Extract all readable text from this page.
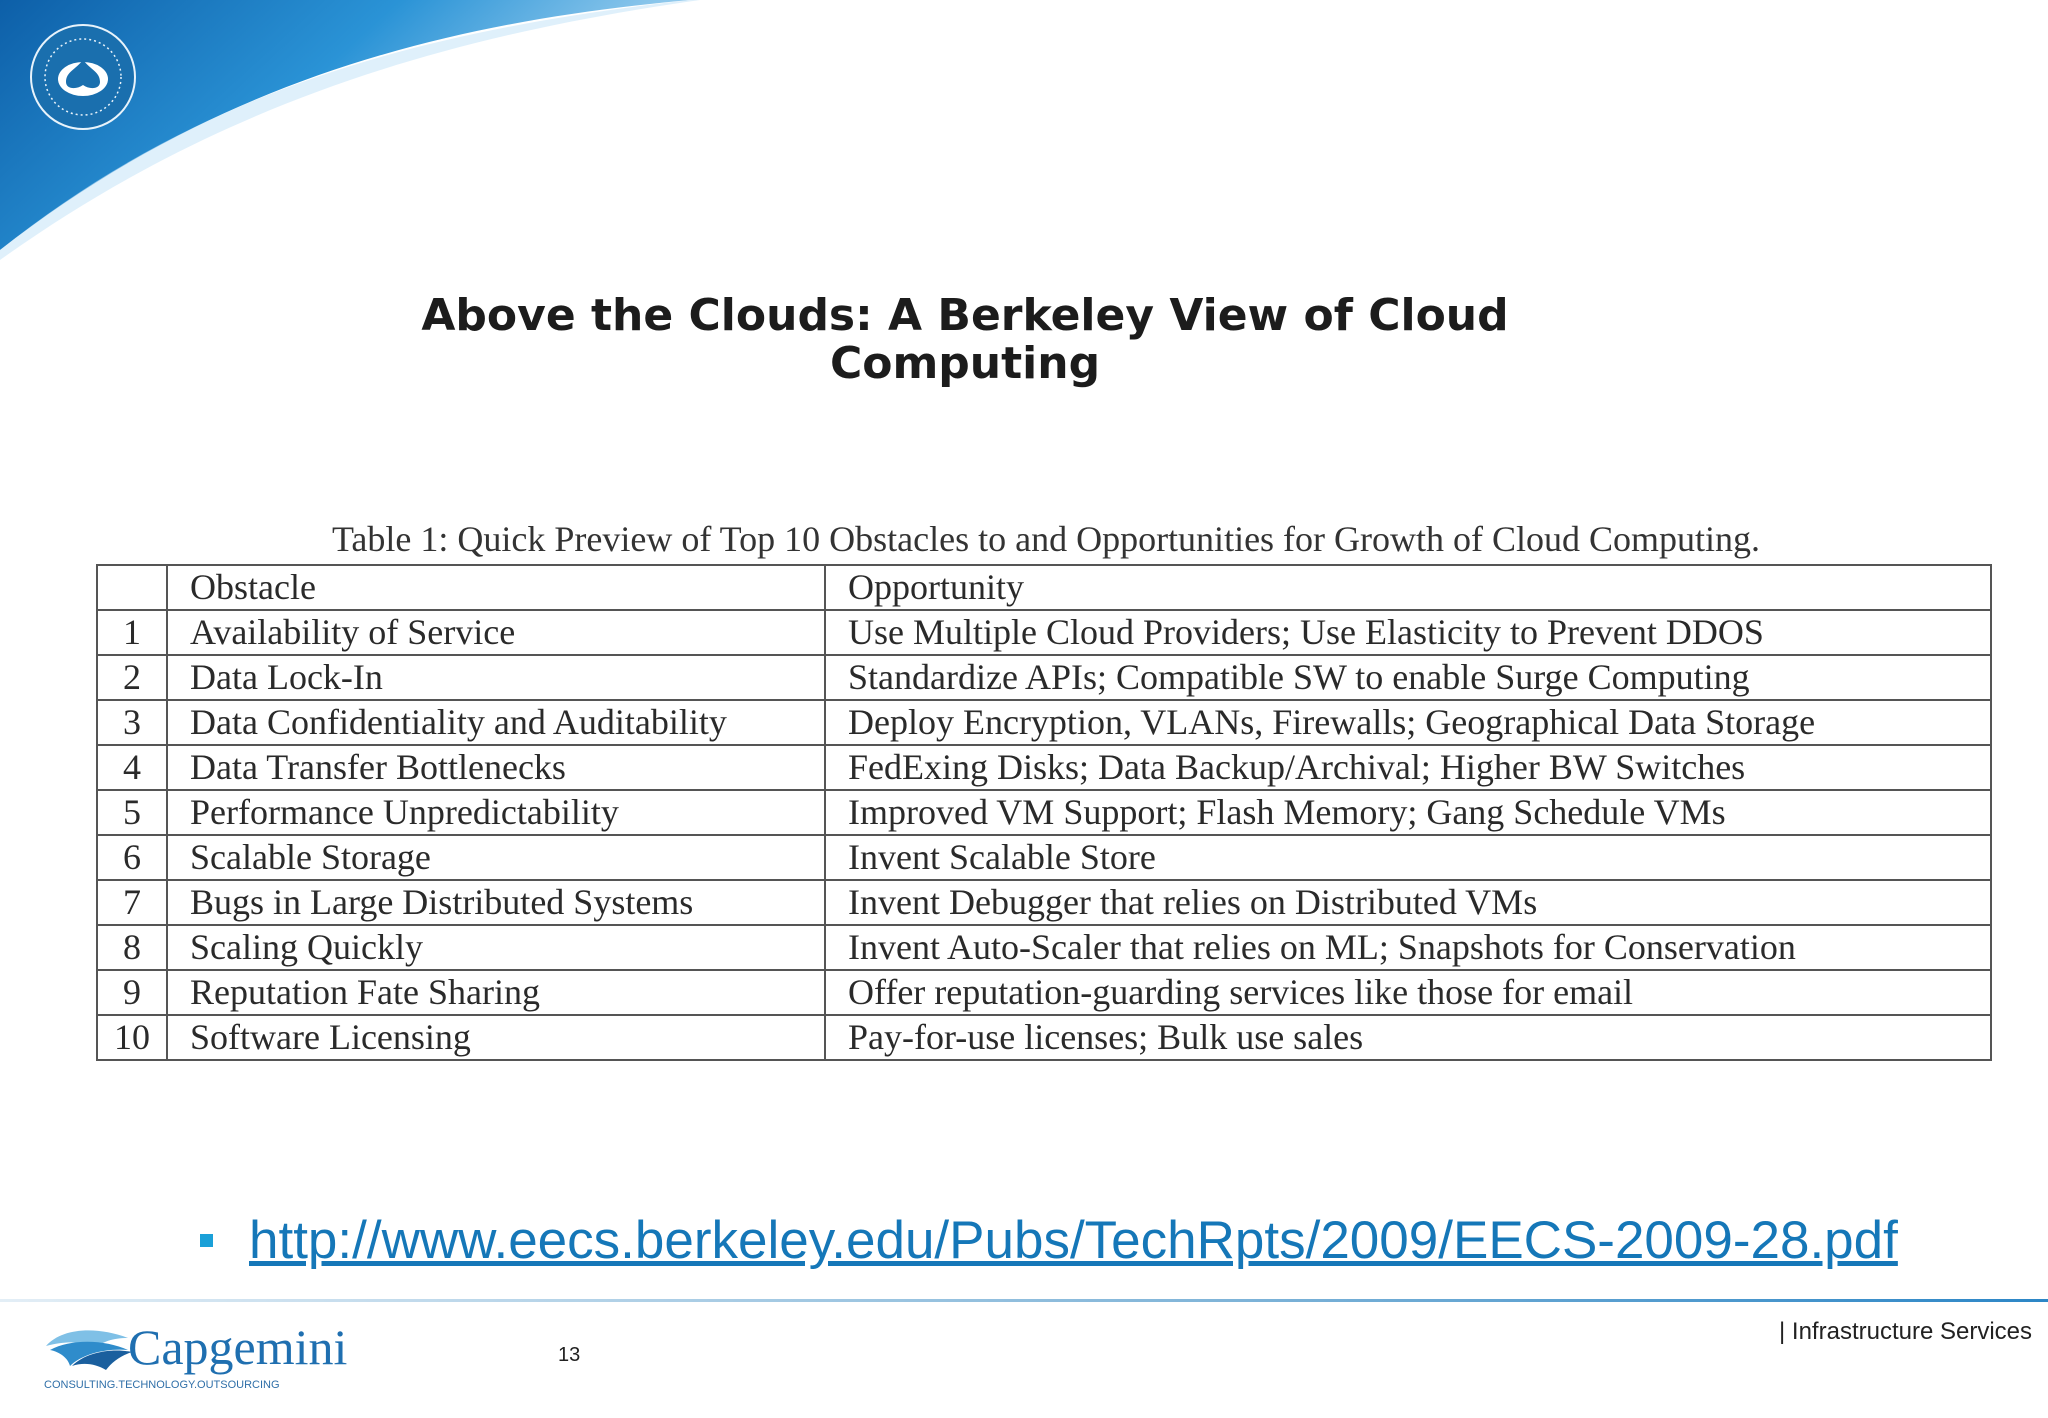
Above the Clouds: A Berkeley View of Cloud Computing
Table 1: Quick Preview of Top 10 Obstacles to and Opportunities for Growth of Cloud Computing.
	Obstacle	Opportunity
1	Availability of Service	Use Multiple Cloud Providers; Use Elasticity to Prevent DDOS
2	Data Lock-In	Standardize APIs; Compatible SW to enable Surge Computing
3	Data Confidentiality and Auditability	Deploy Encryption, VLANs, Firewalls; Geographical Data Storage
4	Data Transfer Bottlenecks	FedExing Disks; Data Backup/Archival; Higher BW Switches
5	Performance Unpredictability	Improved VM Support; Flash Memory; Gang Schedule VMs
6	Scalable Storage	Invent Scalable Store
7	Bugs in Large Distributed Systems	Invent Debugger that relies on Distributed VMs
8	Scaling Quickly	Invent Auto-Scaler that relies on ML; Snapshots for Conservation
9	Reputation Fate Sharing	Offer reputation-guarding services like those for email
10	Software Licensing	Pay-for-use licenses; Bulk use sales
http://www.eecs.berkeley.edu/Pubs/TechRpts/2009/EECS-2009-28.pdf
Capgemini
CONSULTING.TECHNOLOGY.OUTSOURCING
13
| Infrastructure Services
